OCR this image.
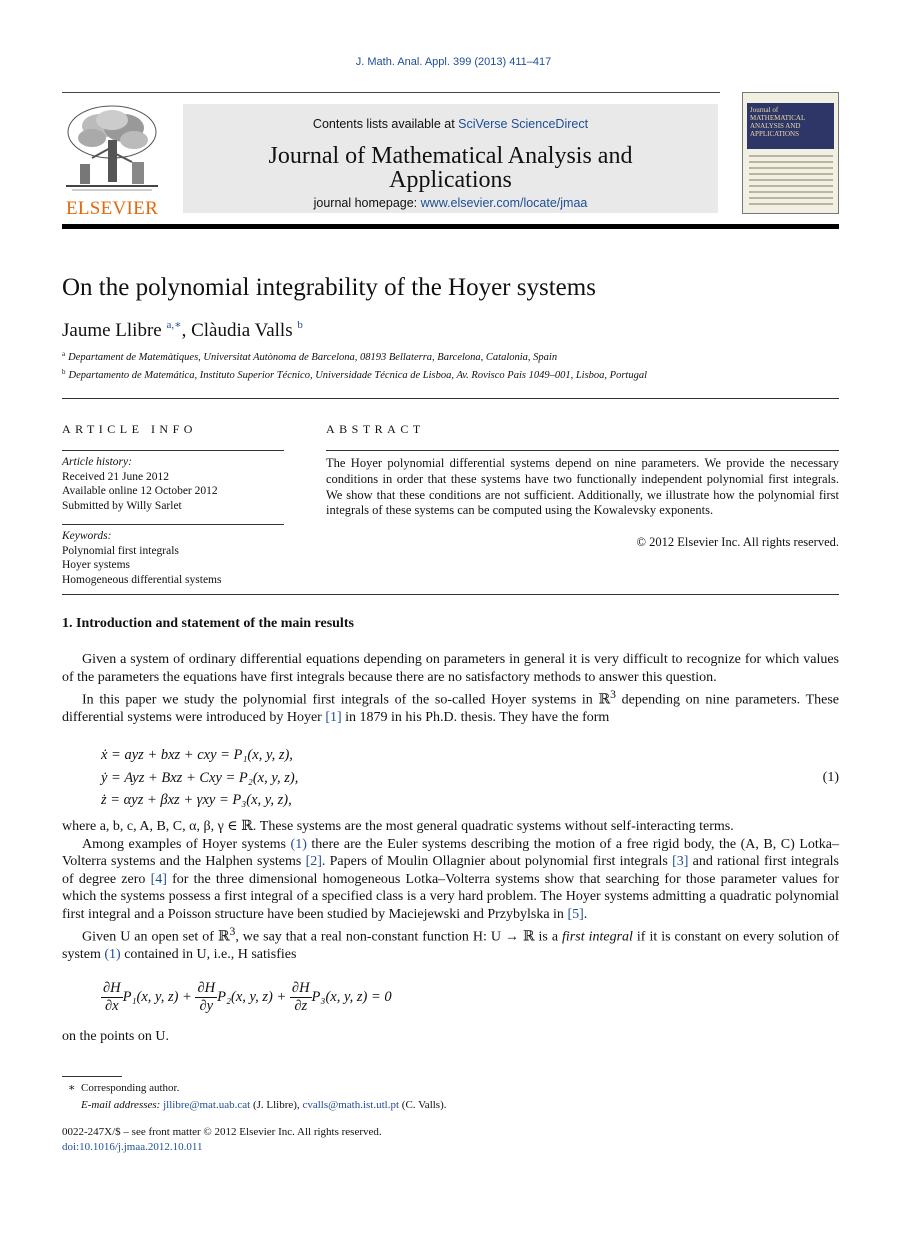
J. Math. Anal. Appl. 399 (2013) 411–417
ELSEVIER
Contents lists available at SciVerse ScienceDirect
Journal of Mathematical Analysis and Applications
journal homepage: www.elsevier.com/locate/jmaa
Journal of MATHEMATICAL ANALYSIS AND APPLICATIONS
On the polynomial integrability of the Hoyer systems
Jaume Llibre $^{a,∗}$, Clàudia Valls $^b$
$^a$ Departament de Matemàtiques, Universitat Autònoma de Barcelona, 08193 Bellaterra, Barcelona, Catalonia, Spain
$^b$ Departamento de Matemática, Instituto Superior Técnico, Universidade Técnica de Lisboa, Av. Rovisco Pais 1049–001, Lisboa, Portugal
ARTICLE INFO
Article history:
Received 21 June 2012
Available online 12 October 2012
Submitted by Willy Sarlet
Keywords:
Polynomial first integrals
Hoyer systems
Homogeneous differential systems
ABSTRACT
The Hoyer polynomial differential systems depend on nine parameters. We provide the necessary conditions in order that these systems have two functionally independent polynomial first integrals. We show that these conditions are not sufficient. Additionally, we illustrate how the polynomial first integrals of these systems can be computed using the Kowalevsky exponents.
© 2012 Elsevier Inc. All rights reserved.
1. Introduction and statement of the main results

Given a system of ordinary differential equations depending on parameters in general it is very difficult to recognize for which values of the parameters the equations have first integrals because there are no satisfactory methods to answer this question.

In this paper we study the polynomial first integrals of the so-called Hoyer systems in ℝ$^3$ depending on nine parameters. These differential systems were introduced by Hoyer [1] in 1879 in his Ph.D. thesis. They have the form

ẋ = ayz + bxz + cxy = P₁(x, y, z),
ẏ = Ayz + Bxz + Cxy = P₂(x, y, z),
ż = αyz + βxz + γxy = P₃(x, y, z),
(1)

where a, b, c, A, B, C, α, β, γ ∈ ℝ. These systems are the most general quadratic systems without self-interacting terms.

Among examples of Hoyer systems (1) there are the Euler systems describing the motion of a free rigid body, the (A, B, C) Lotka–Volterra systems and the Halphen systems [2]. Papers of Moulin Ollagnier about polynomial first integrals [3] and rational first integrals of degree zero [4] for the three dimensional homogeneous Lotka–Volterra systems show that searching for those parameter values for which the systems possess a first integral of a specified class is a very hard problem. The Hoyer systems admitting a quadratic polynomial first integral and a Poisson structure have been studied by Maciejewski and Przybylska in [5].

Given U an open set of ℝ$^3$, we say that a real non-constant function H: U → ℝ is a first integral if it is constant on every solution of system (1) contained in U, i.e., H satisfies

$\frac{\partial H}{\partial x} P_1(x$, y, $z) + \frac{\partial H}{\partial y} P_2(x$, y, $z) + \frac{\partial H}{\partial z} P_3(x$, y, z) = 0

on the points on U.

∗ Corresponding author.
E-mail addresses: jllibre@mat.uab.cat (J. Llibre), cvalls@math.ist.utl.pt (C. Valls).
0022-247X/$ – see front matter © 2012 Elsevier Inc. All rights reserved.
doi:10.1016/j.jmaa.2012.10.011
